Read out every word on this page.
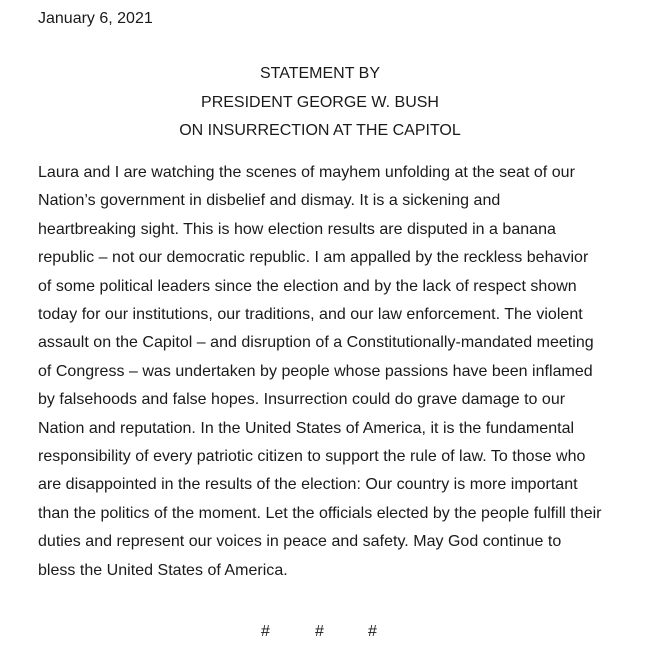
January 6, 2021
STATEMENT BY
PRESIDENT GEORGE W. BUSH
ON INSURRECTION AT THE CAPITOL
Laura and I are watching the scenes of mayhem unfolding at the seat of our
Nation’s government in disbelief and dismay. It is a sickening and
heartbreaking sight. This is how election results are disputed in a banana
republic – not our democratic republic. I am appalled by the reckless behavior
of some political leaders since the election and by the lack of respect shown
today for our institutions, our traditions, and our law enforcement. The violent
assault on the Capitol – and disruption of a Constitutionally-mandated meeting
of Congress – was undertaken by people whose passions have been inflamed
by falsehoods and false hopes. Insurrection could do grave damage to our
Nation and reputation. In the United States of America, it is the fundamental
responsibility of every patriotic citizen to support the rule of law. To those who
are disappointed in the results of the election: Our country is more important
than the politics of the moment. Let the officials elected by the people fulfill their
duties and represent our voices in peace and safety. May God continue to
bless the United States of America.
#	#	#
